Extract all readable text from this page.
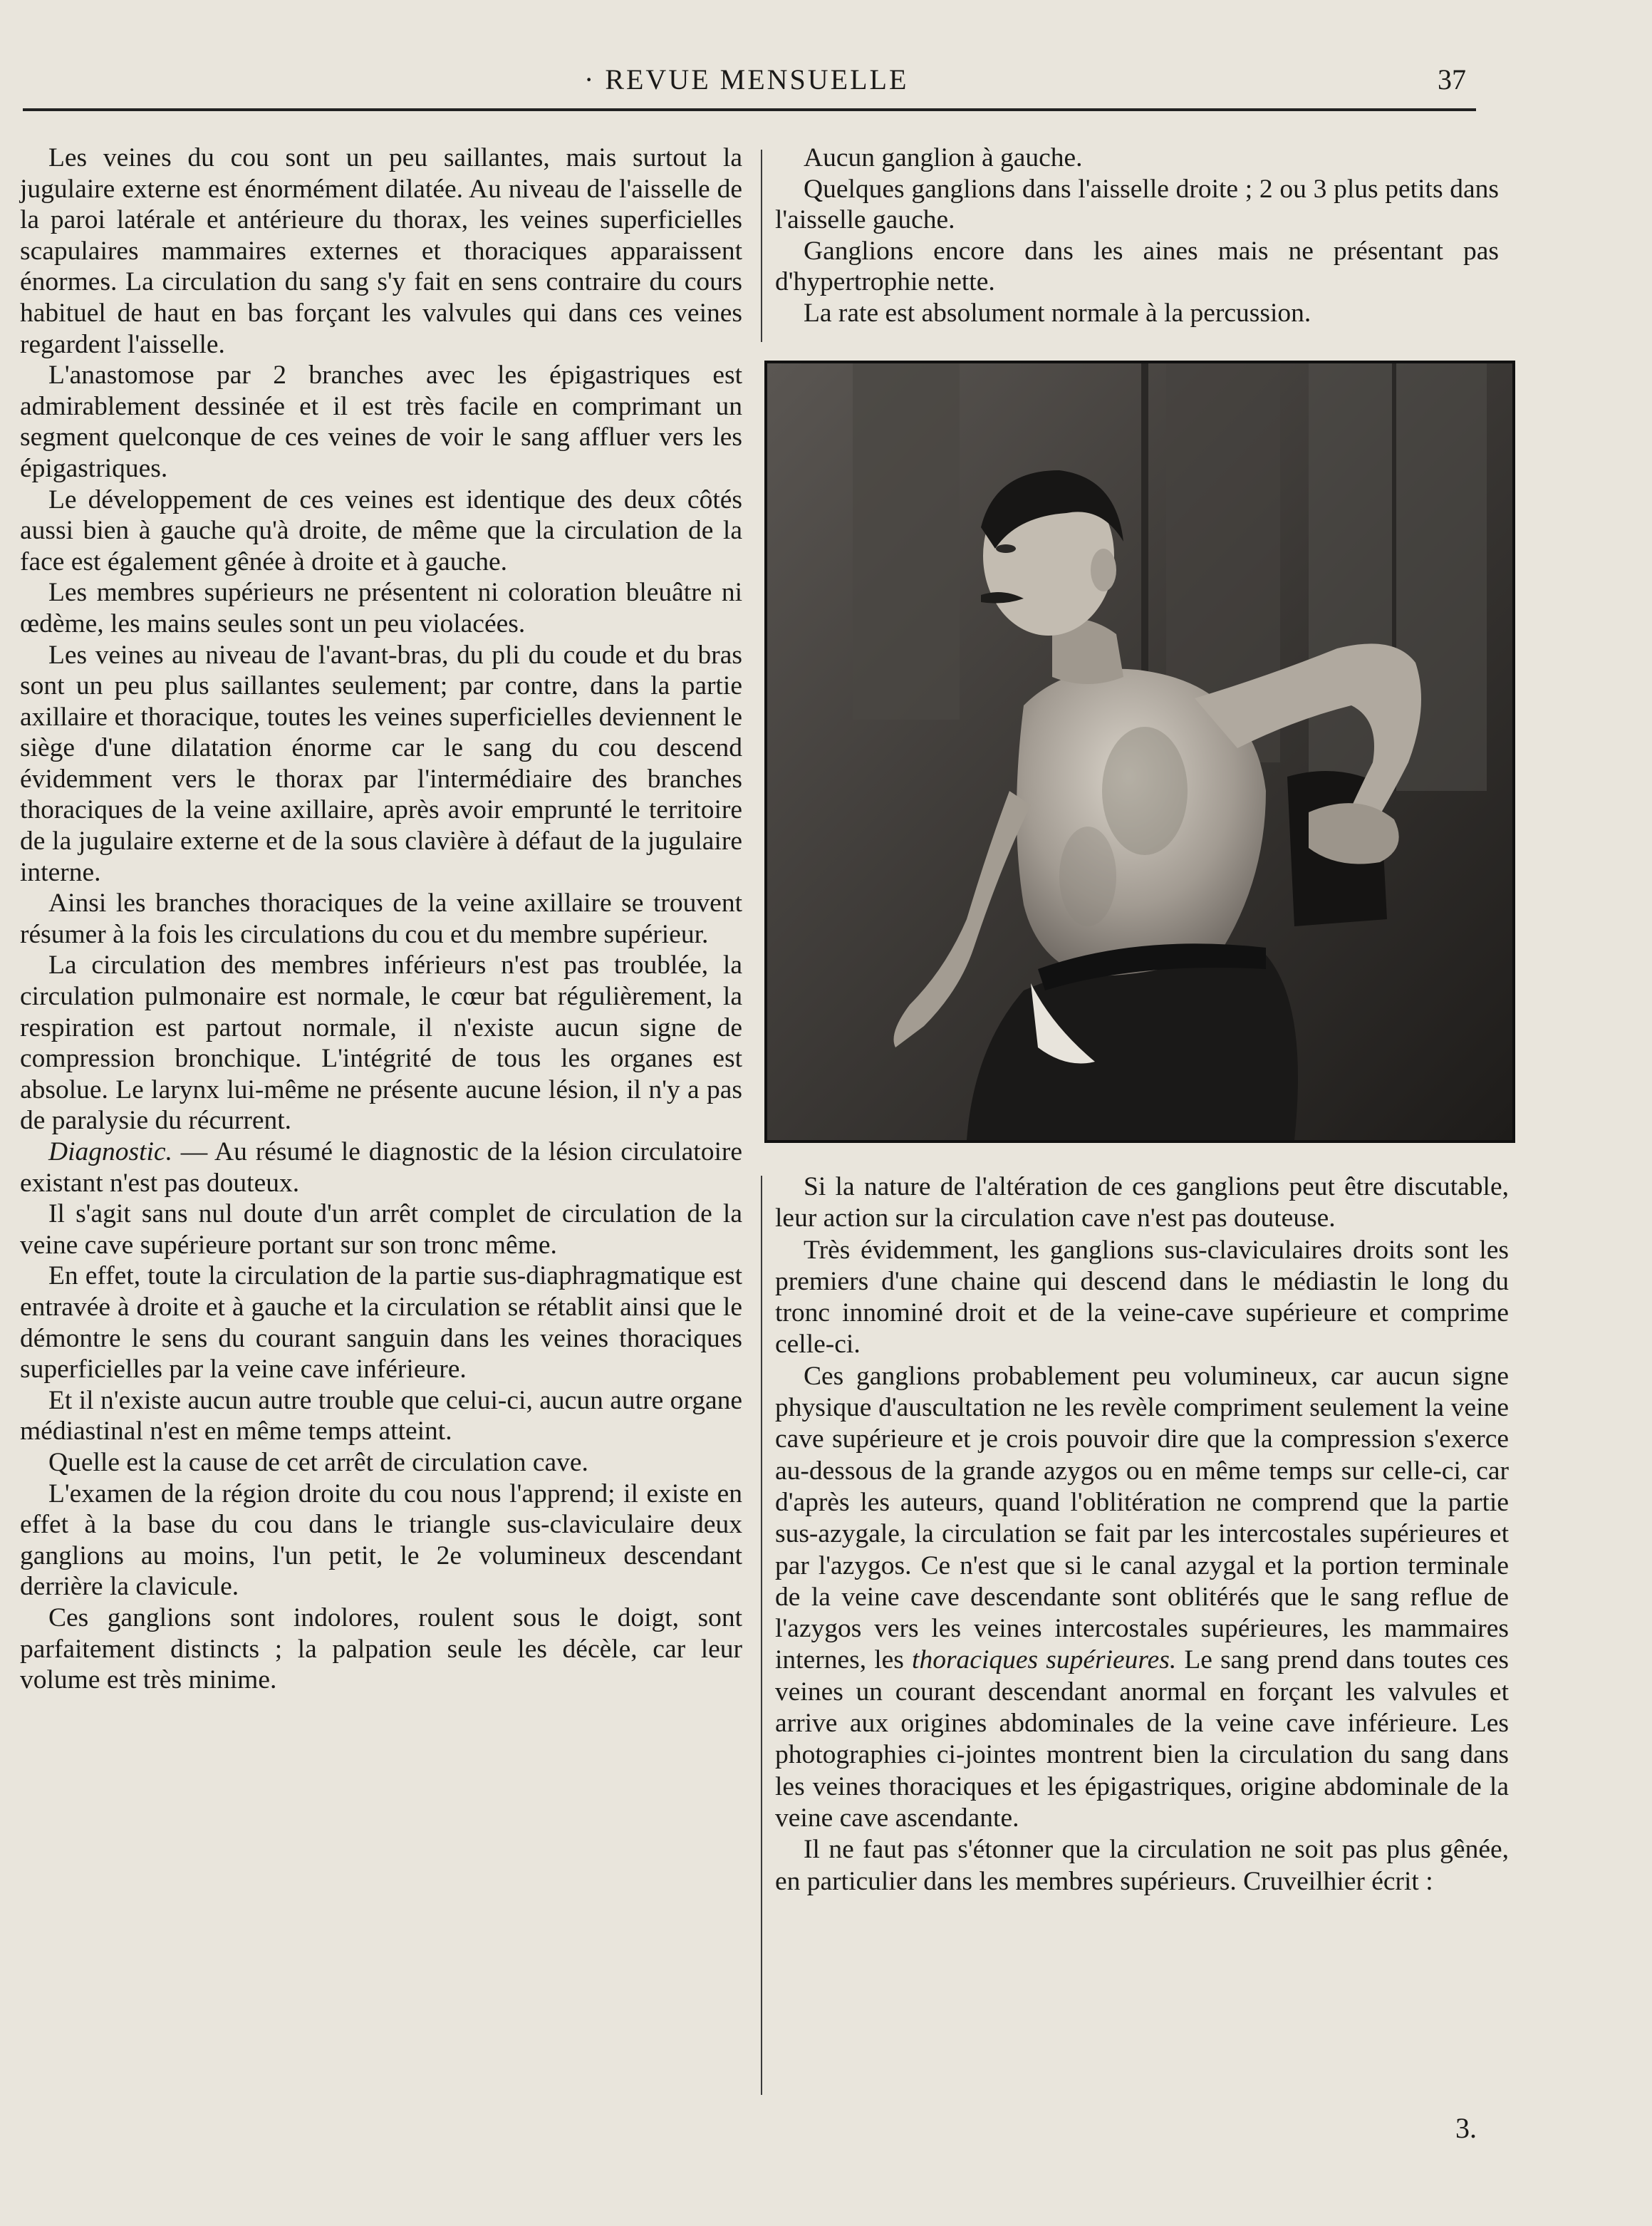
· REVUE MENSUELLE	37

Les veines du cou sont un peu saillantes, mais surtout la jugulaire externe est énormément dilatée. Au niveau de l'aisselle de la paroi latérale et antérieure du thorax, les veines superficielles scapulaires mammaires externes et thoraciques apparaissent énormes. La circulation du sang s'y fait en sens contraire du cours habituel de haut en bas forçant les valvules qui dans ces veines regardent l'aisselle.

L'anastomose par 2 branches avec les épigastriques est admirablement dessinée et il est très facile en comprimant un segment quelconque de ces veines de voir le sang affluer vers les épigastriques.

Le développement de ces veines est identique des deux côtés aussi bien à gauche qu'à droite, de même que la circulation de la face est également gênée à droite et à gauche.

Les membres supérieurs ne présentent ni coloration bleuâtre ni œdème, les mains seules sont un peu violacées.

Les veines au niveau de l'avant-bras, du pli du coude et du bras sont un peu plus saillantes seulement; par contre, dans la partie axillaire et thoracique, toutes les veines superficielles deviennent le siège d'une dilatation énorme car le sang du cou descend évidemment vers le thorax par l'intermédiaire des branches thoraciques de la veine axillaire, après avoir emprunté le territoire de la jugulaire externe et de la sous clavière à défaut de la jugulaire interne.

Ainsi les branches thoraciques de la veine axillaire se trouvent résumer à la fois les circulations du cou et du membre supérieur.

La circulation des membres inférieurs n'est pas troublée, la circulation pulmonaire est normale, le cœur bat régulièrement, la respiration est partout normale, il n'existe aucun signe de compression bronchique. L'intégrité de tous les organes est absolue. Le larynx lui-même ne présente aucune lésion, il n'y a pas de paralysie du récurrent.

Diagnostic. — Au résumé le diagnostic de la lésion circulatoire existant n'est pas douteux.

Il s'agit sans nul doute d'un arrêt complet de circulation de la veine cave supérieure portant sur son tronc même.

En effet, toute la circulation de la partie sus-diaphragmatique est entravée à droite et à gauche et la circulation se rétablit ainsi que le démontre le sens du courant sanguin dans les veines thoraciques superficielles par la veine cave inférieure.

Et il n'existe aucun autre trouble que celui-ci, aucun autre organe médiastinal n'est en même temps atteint.

Quelle est la cause de cet arrêt de circulation cave.

L'examen de la région droite du cou nous l'apprend; il existe en effet à la base du cou dans le triangle sus-claviculaire deux ganglions au moins, l'un petit, le 2e volumineux descendant derrière la clavicule.

Ces ganglions sont indolores, roulent sous le doigt, sont parfaitement distincts ; la palpation seule les décèle, car leur volume est très minime.

Aucun ganglion à gauche.

Quelques ganglions dans l'aisselle droite ; 2 ou 3 plus petits dans l'aisselle gauche.

Ganglions encore dans les aines mais ne présentant pas d'hypertrophie nette.

La rate est absolument normale à la percussion.

Si la nature de l'altération de ces ganglions peut être discutable, leur action sur la circulation cave n'est pas douteuse.

Très évidemment, les ganglions sus-claviculaires droits sont les premiers d'une chaine qui descend dans le médiastin le long du tronc innominé droit et de la veine-cave supérieure et comprime celle-ci.

Ces ganglions probablement peu volumineux, car aucun signe physique d'auscultation ne les revèle compriment seulement la veine cave supérieure et je crois pouvoir dire que la compression s'exerce au-dessous de la grande azygos ou en même temps sur celle-ci, car d'après les auteurs, quand l'oblitération ne comprend que la partie sus-azygale, la circulation se fait par les intercostales supérieures et par l'azygos. Ce n'est que si le canal azygal et la portion terminale de la veine cave descendante sont oblitérés que le sang reflue de l'azygos vers les veines intercostales supérieures, les mammaires internes, les thoraciques supérieures. Le sang prend dans toutes ces veines un courant descendant anormal en forçant les valvules et arrive aux origines abdominales de la veine cave inférieure. Les photographies ci-jointes montrent bien la circulation du sang dans les veines thoraciques et les épigastriques, origine abdominale de la veine cave ascendante.

Il ne faut pas s'étonner que la circulation ne soit pas plus gênée, en particulier dans les membres supérieurs. Cruveilhier écrit :

3.
